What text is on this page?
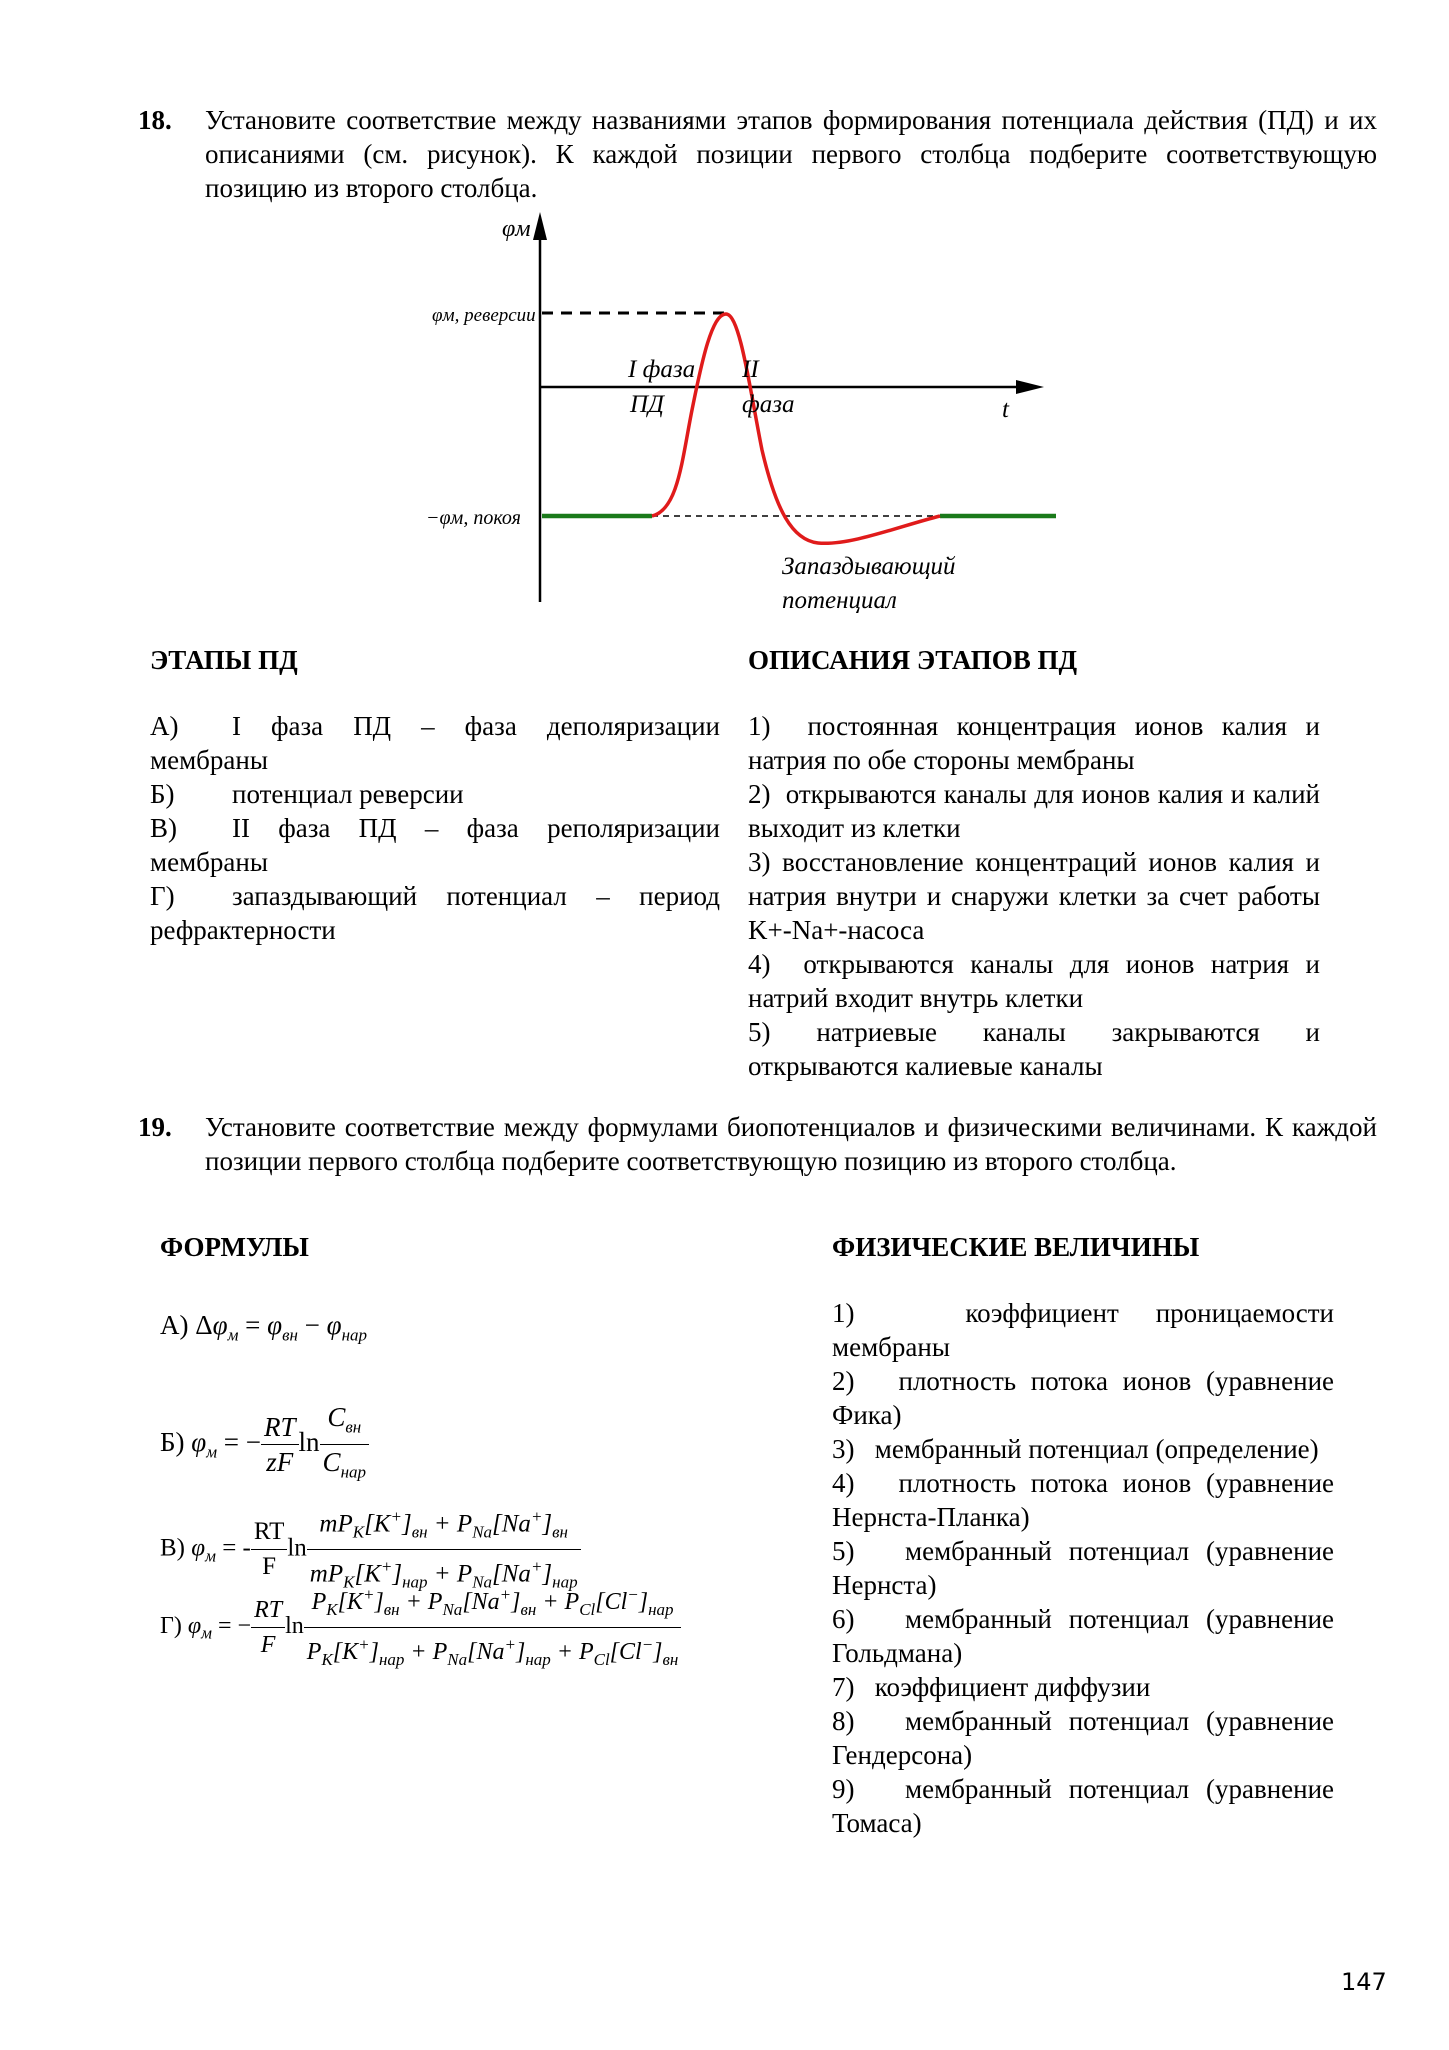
18. Установите соответствие между названиями этапов формирования потенциала действия (ПД) и их описаниями (см. рисунок). К каждой позиции первого столбца подберите соответствующую позицию из второго столбца.
φм
φм, реверсии
−φм, покоя
I фаза
ПД
II
фаза	t
Запаздывающий
потенциал
ЭТАПЫ ПД	ОПИСАНИЯ ЭТАПОВ ПД
А) I фаза ПД – фаза деполяризации мембраны
Б) потенциал реверсии
В) II фаза ПД – фаза реполяризации мембраны
Г) запаздывающий потенциал – период рефрактерности
1) постоянная концентрация ионов калия и натрия по обе стороны мембраны
2) открываются каналы для ионов калия и калий выходит из клетки
3) восстановление концентраций ионов калия и натрия внутри и снаружи клетки за счет работы K+-Na+-насоса
4) открываются каналы для ионов натрия и натрий входит внутрь клетки
5) натриевые каналы закрываются и открываются калиевые каналы
19. Установите соответствие между формулами биопотенциалов и физическими величинами. К каждой позиции первого столбца подберите соответствующую позицию из второго столбца.
ФОРМУЛЫ	ФИЗИЧЕСКИЕ ВЕЛИЧИНЫ
А) $\Delta\varphi_м = \varphi_{вн} - \varphi_{нар}$
Б) $\varphi_м$ = − $\frac{RT}{zF}$ $\ln \frac{C_{вн}}{C_{нар}}$
В) $\varphi_м$ = - $\frac{RT}{F}$ $\ln \frac{mP_K[K^+]_{вн} + P_{Na}[Na^+]_{вн}}{mP_K[K^+]_{нар} + P_{Na}[Na^+]_{нар}}$
Г) $\varphi_м$ = − $\frac{RT}{F}$ $\ln \frac{P_K[K^+]_{вн} + P_{Na}[Na^+]_{вн} + P_{Cl}[Cl^-]_{нар}}{P_K[K^+]_{нар} + P_{Na}[Na^+]_{нар} + P_{Cl}[Cl^-]_{вн}}$
1)	коэффициент проницаемости мембраны
2) плотность потока ионов (уравнение Фика)
3) мембранный потенциал (определение)
4) плотность потока ионов (уравнение Нернста-Планка)
5) мембранный потенциал (уравнение Нернста)
6) мембранный потенциал (уравнение Гольдмана)
7) коэффициент диффузии
8) мембранный потенциал (уравнение Гендерсона)
9) мембранный потенциал (уравнение Томаса)
147
